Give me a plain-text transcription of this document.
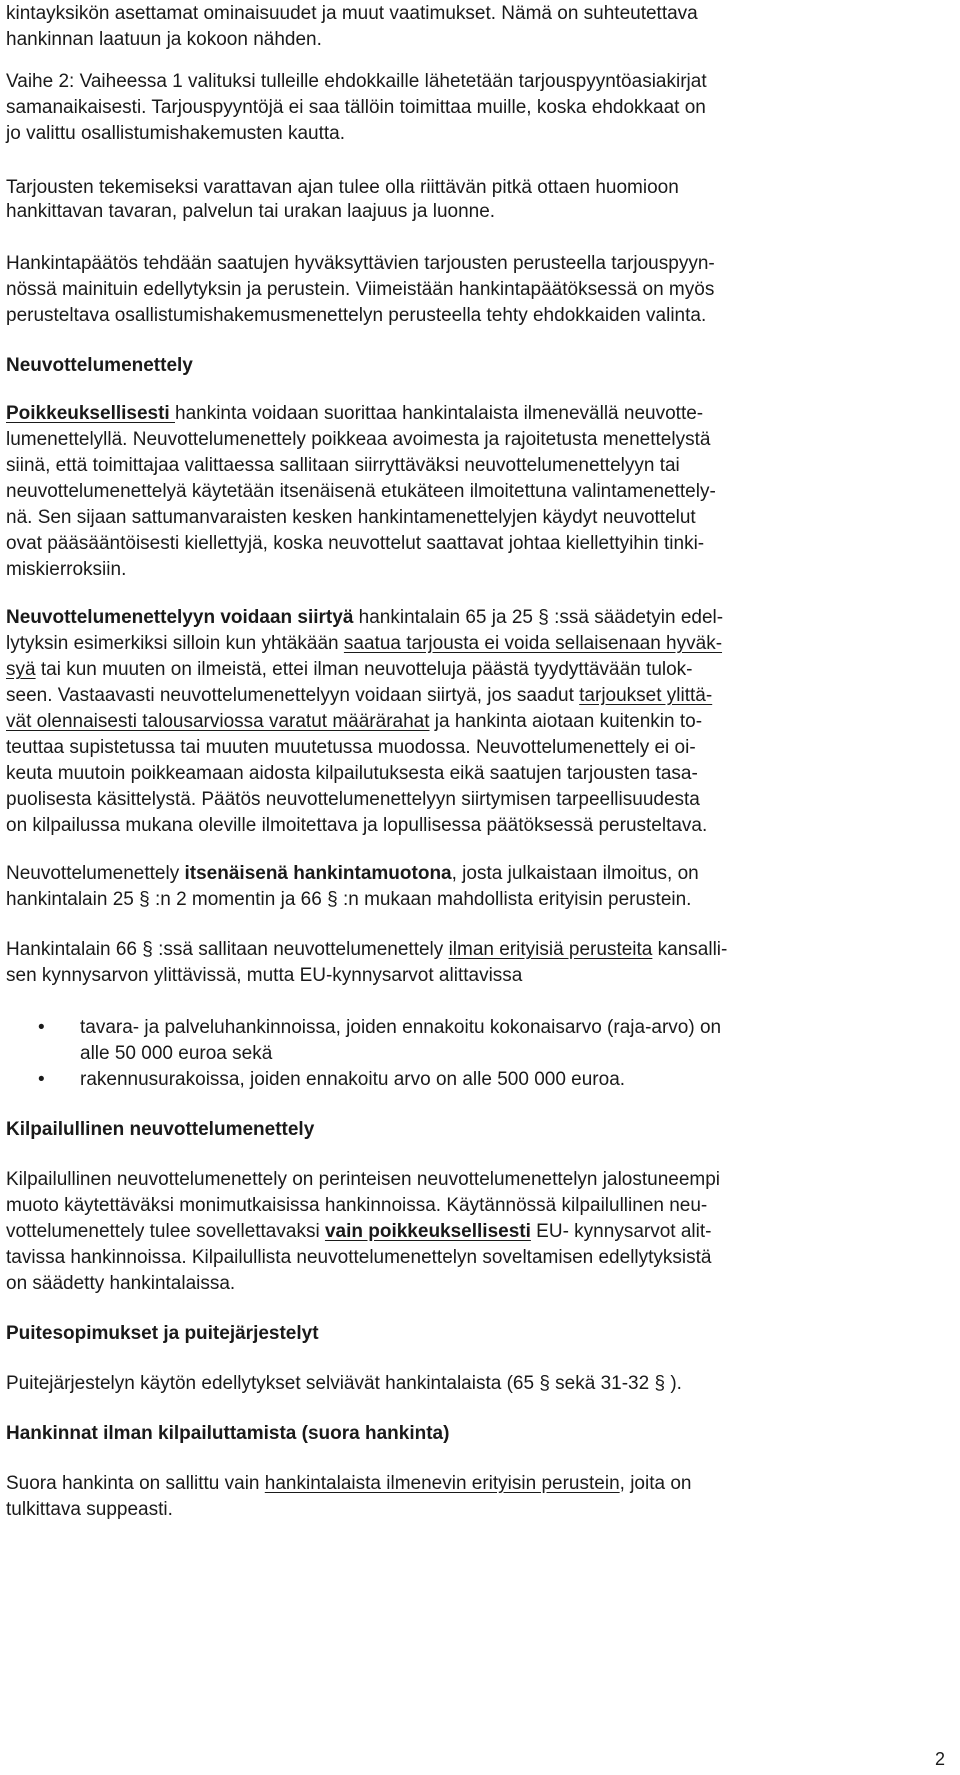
kintayksikön asettamat ominaisuudet ja muut vaatimukset. Nämä on suhteutettava
hankinnan laatuun ja kokoon nähden.
Vaihe 2: Vaiheessa 1 valituksi tulleille ehdokkaille lähetetään tarjouspyyntöasiakirjat
samanaikaisesti. Tarjouspyyntöjä ei saa tällöin toimittaa muille, koska ehdokkaat on
jo valittu osallistumishakemusten kautta.
Tarjousten tekemiseksi varattavan ajan tulee olla riittävän pitkä ottaen huomioon
hankittavan tavaran, palvelun tai urakan laajuus ja luonne.
Hankintapäätös tehdään saatujen hyväksyttävien tarjousten perusteella tarjouspyyn-
nössä mainituin edellytyksin ja perustein. Viimeistään hankintapäätöksessä on myös
perusteltava osallistumishakemusmenettelyn perusteella tehty ehdokkaiden valinta.
Neuvottelumenettely
Poikkeuksellisesti hankinta voidaan suorittaa hankintalaista ilmenevällä neuvotte-
lumenettelyllä. Neuvottelumenettely poikkeaa avoimesta ja rajoitetusta menettelystä
siinä, että toimittajaa valittaessa sallitaan siirryttäväksi neuvottelumenettelyyn tai
neuvottelumenettelyä käytetään itsenäisenä etukäteen ilmoitettuna valintamenettely-
nä. Sen sijaan sattumanvaraisten kesken hankintamenettelyjen käydyt neuvottelut
ovat pääsääntöisesti kiellettyjä, koska neuvottelut saattavat johtaa kiellettyihin tinki-
miskierroksiin.
Neuvottelumenettelyyn voidaan siirtyä hankintalain 65 ja 25 § :ssä säädetyin edel-
lytyksin esimerkiksi silloin kun yhtäkään saatua tarjousta ei voida sellaisenaan hyväk-
syä tai kun muuten on ilmeistä, ettei ilman neuvotteluja päästä tyydyttävään tulok-
seen. Vastaavasti neuvottelumenettelyyn voidaan siirtyä, jos saadut tarjoukset ylittä-
vät olennaisesti talousarviossa varatut määrärahat ja hankinta aiotaan kuitenkin to-
teuttaa supistetussa tai muuten muutetussa muodossa. Neuvottelumenettely ei oi-
keuta muutoin poikkeamaan aidosta kilpailutuksesta eikä saatujen tarjousten tasa-
puolisesta käsittelystä. Päätös neuvottelumenettelyyn siirtymisen tarpeellisuudesta
on kilpailussa mukana oleville ilmoitettava ja lopullisessa päätöksessä perusteltava.
Neuvottelumenettely itsenäisenä hankintamuotona, josta julkaistaan ilmoitus, on
hankintalain 25 § :n 2 momentin ja 66 § :n mukaan mahdollista erityisin perustein.
Hankintalain 66 § :ssä sallitaan neuvottelumenettely ilman erityisiä perusteita kansalli-
sen kynnysarvon ylittävissä, mutta EU-kynnysarvot alittavissa
• tavara- ja palveluhankinnoissa, joiden ennakoitu kokonaisarvo (raja-arvo) on
alle 50 000 euroa sekä
• rakennusurakoissa, joiden ennakoitu arvo on alle 500 000 euroa.
Kilpailullinen neuvottelumenettely
Kilpailullinen neuvottelumenettely on perinteisen neuvottelumenettelyn jalostuneempi
muoto käytettäväksi monimutkaisissa hankinnoissa. Käytännössä kilpailullinen neu-
vottelumenettely tulee sovellettavaksi vain poikkeuksellisesti EU- kynnysarvot alit-
tavissa hankinnoissa. Kilpailullista neuvottelumenettelyn soveltamisen edellytyksistä
on säädetty hankintalaissa.
Puitesopimukset ja puitejärjestelyt
Puitejärjestelyn käytön edellytykset selviävät hankintalaista (65 § sekä 31-32 § ).
Hankinnat ilman kilpailuttamista (suora hankinta)
Suora hankinta on sallittu vain hankintalaista ilmenevin erityisin perustein, joita on
tulkittava suppeasti.
2
